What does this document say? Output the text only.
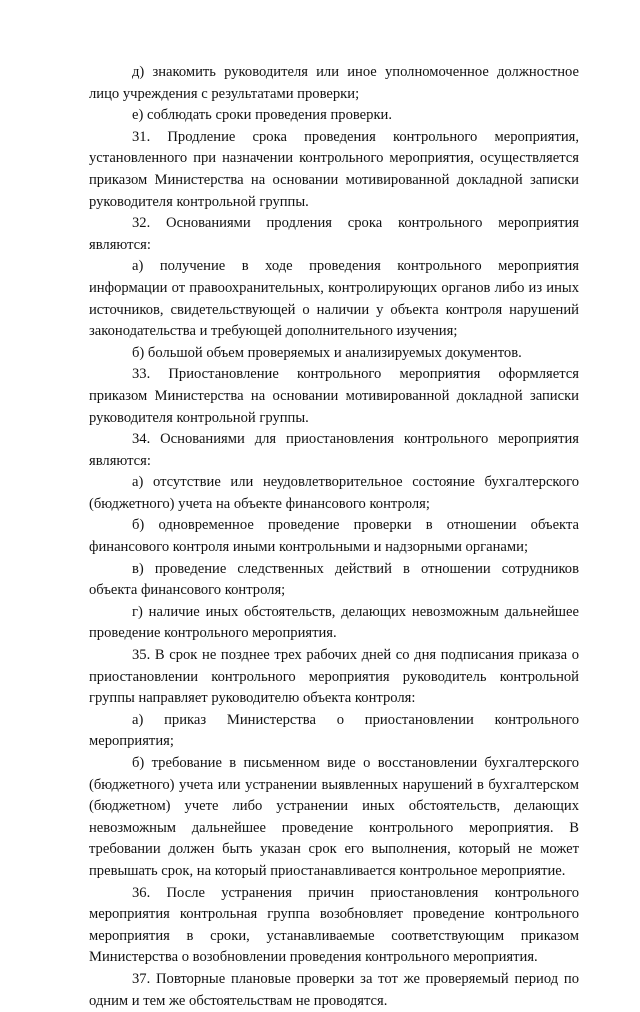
д) знакомить руководителя или иное уполномоченное должностное лицо учреждения с результатами проверки;

е) соблюдать сроки проведения проверки.

31. Продление срока проведения контрольного мероприятия, установленного при назначении контрольного мероприятия, осуществляется приказом Министерства на основании мотивированной докладной записки руководителя контрольной группы.

32. Основаниями продления срока контрольного мероприятия являются:

а) получение в ходе проведения контрольного мероприятия информации от правоохранительных, контролирующих органов либо из иных источников, свидетельствующей о наличии у объекта контроля нарушений законодательства и требующей дополнительного изучения;

б) большой объем проверяемых и анализируемых документов.

33. Приостановление контрольного мероприятия оформляется приказом Министерства на основании мотивированной докладной записки руководителя контрольной группы.

34. Основаниями для приостановления контрольного мероприятия являются:

а) отсутствие или неудовлетворительное состояние бухгалтерского (бюджетного) учета на объекте финансового контроля;

б) одновременное проведение проверки в отношении объекта финансового контроля иными контрольными и надзорными органами;

в) проведение следственных действий в отношении сотрудников объекта финансового контроля;

г) наличие иных обстоятельств, делающих невозможным дальнейшее проведение контрольного мероприятия.

35. В срок не позднее трех рабочих дней со дня подписания приказа о приостановлении контрольного мероприятия руководитель контрольной группы направляет руководителю объекта контроля:

а) приказ Министерства о приостановлении контрольного мероприятия;

б) требование в письменном виде о восстановлении бухгалтерского (бюджетного) учета или устранении выявленных нарушений в бухгалтерском (бюджетном) учете либо устранении иных обстоятельств, делающих невозможным дальнейшее проведение контрольного мероприятия. В требовании должен быть указан срок его выполнения, который не может превышать срок, на который приостанавливается контрольное мероприятие.

36. После устранения причин приостановления контрольного мероприятия контрольная группа возобновляет проведение контрольного мероприятия в сроки, устанавливаемые соответствующим приказом Министерства о возобновлении проведения контрольного мероприятия.

37. Повторные плановые проверки за тот же проверяемый период по одним и тем же обстоятельствам не проводятся.
